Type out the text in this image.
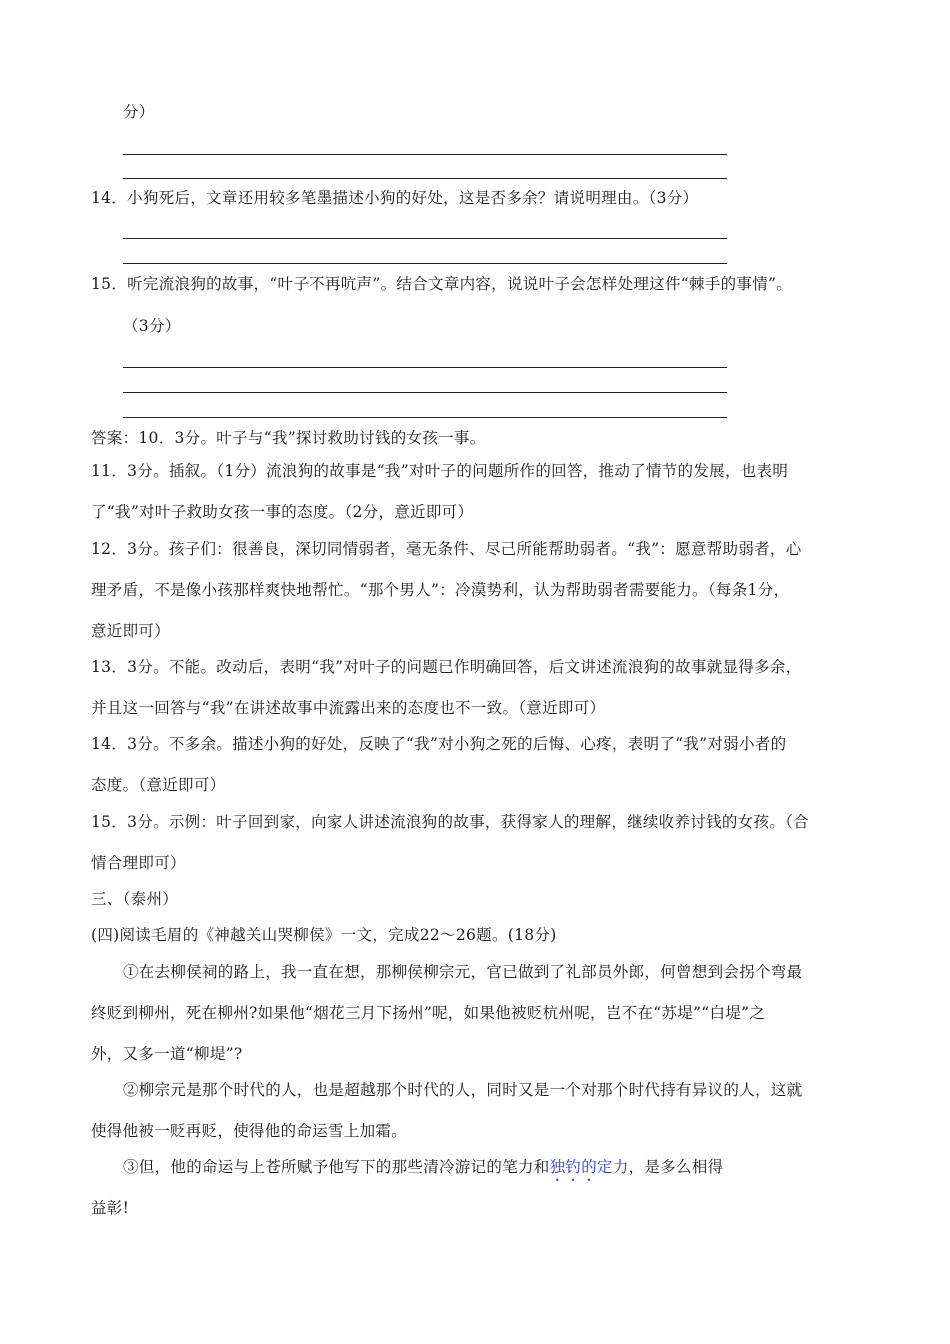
分）
14．小狗死后，文章还用较多笔墨描述小狗的好处，这是否多余？请说明理由。（3分）
15．听完流浪狗的故事，“叶子不再吭声”。结合文章内容，说说叶子会怎样处理这件“棘手的事情”。
（3分）
答案：10．3分。叶子与“我”探讨救助讨钱的女孩一事。
11．3分。插叙。（1分）流浪狗的故事是“我”对叶子的问题所作的回答，推动了情节的发展，也表明
了“我”对叶子救助女孩一事的态度。（2分，意近即可）
12．3分。孩子们：很善良，深切同情弱者，毫无条件、尽己所能帮助弱者。“我”：愿意帮助弱者，心
理矛盾，不是像小孩那样爽快地帮忙。“那个男人”：冷漠势利，认为帮助弱者需要能力。（每条1分，
意近即可）
13．3分。不能。改动后，表明“我”对叶子的问题已作明确回答，后文讲述流浪狗的故事就显得多余，
并且这一回答与“我”在讲述故事中流露出来的态度也不一致。（意近即可）
14．3分。不多余。描述小狗的好处，反映了“我”对小狗之死的后悔、心疼，表明了“我”对弱小者的
态度。（意近即可）
15．3分。示例：叶子回到家，向家人讲述流浪狗的故事，获得家人的理解，继续收养讨钱的女孩。（合
情合理即可）
三、（泰州）
(四)阅读毛眉的《神越关山哭柳侯》一文，完成22～26题。(18分)
①在去柳侯祠的路上，我一直在想，那柳侯柳宗元，官已做到了礼部员外郎，何曾想到会拐个弯最
终贬到柳州，死在柳州?如果他“烟花三月下扬州”呢，如果他被贬杭州呢，岂不在“苏堤”“白堤”之
外，又多一道“柳堤”?
②柳宗元是那个时代的人，也是超越那个时代的人，同时又是一个对那个时代持有异议的人，这就
使得他被一贬再贬，使得他的命运雪上加霜。
③但，他的命运与上苍所赋予他写下的那些清冷游记的笔力和独钓的定力，是多么相得
益彰!
